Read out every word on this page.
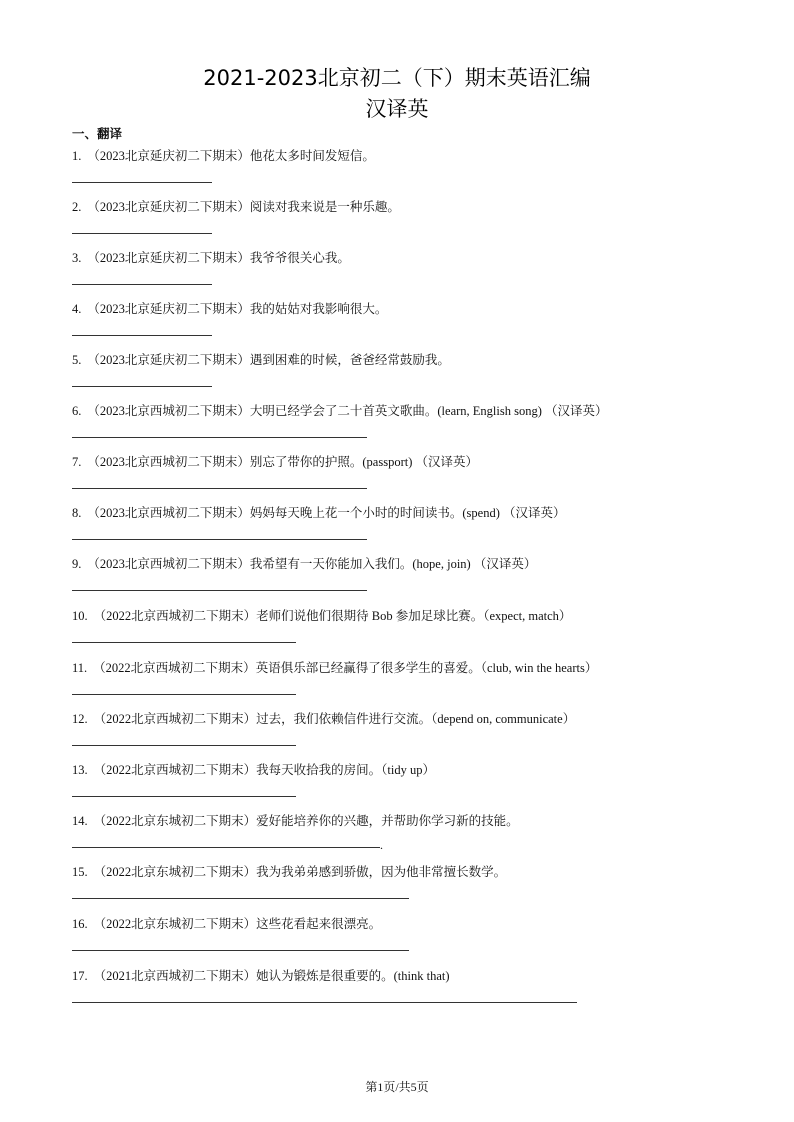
2021-2023北京初二（下）期末英语汇编
汉译英
一、翻译
1. （2023北京延庆初二下期末）他花太多时间发短信。
2. （2023北京延庆初二下期末）阅读对我来说是一种乐趣。
3. （2023北京延庆初二下期末）我爷爷很关心我。
4. （2023北京延庆初二下期末）我的姑姑对我影响很大。
5. （2023北京延庆初二下期末）遇到困难的时候，爸爸经常鼓励我。
6. （2023北京西城初二下期末）大明已经学会了二十首英文歌曲。(learn, English song) （汉译英）
7. （2023北京西城初二下期末）别忘了带你的护照。(passport) （汉译英）
8. （2023北京西城初二下期末）妈妈每天晚上花一个小时的时间读书。(spend) （汉译英）
9. （2023北京西城初二下期末）我希望有一天你能加入我们。(hope, join) （汉译英）
10. （2022北京西城初二下期末）老师们说他们很期待 Bob 参加足球比赛。（expect, match）
11. （2022北京西城初二下期末）英语俱乐部已经赢得了很多学生的喜爱。（club, win the hearts）
12. （2022北京西城初二下期末）过去，我们依赖信件进行交流。（depend on, communicate）
13. （2022北京西城初二下期末）我每天收拾我的房间。（tidy up）
14. （2022北京东城初二下期末）爱好能培养你的兴趣，并帮助你学习新的技能。
15. （2022北京东城初二下期末）我为我弟弟感到骄傲，因为他非常擅长数学。
16. （2022北京东城初二下期末）这些花看起来很漂亮。
17. （2021北京西城初二下期末）她认为锻炼是很重要的。(think that)
.
第1页/共5页
